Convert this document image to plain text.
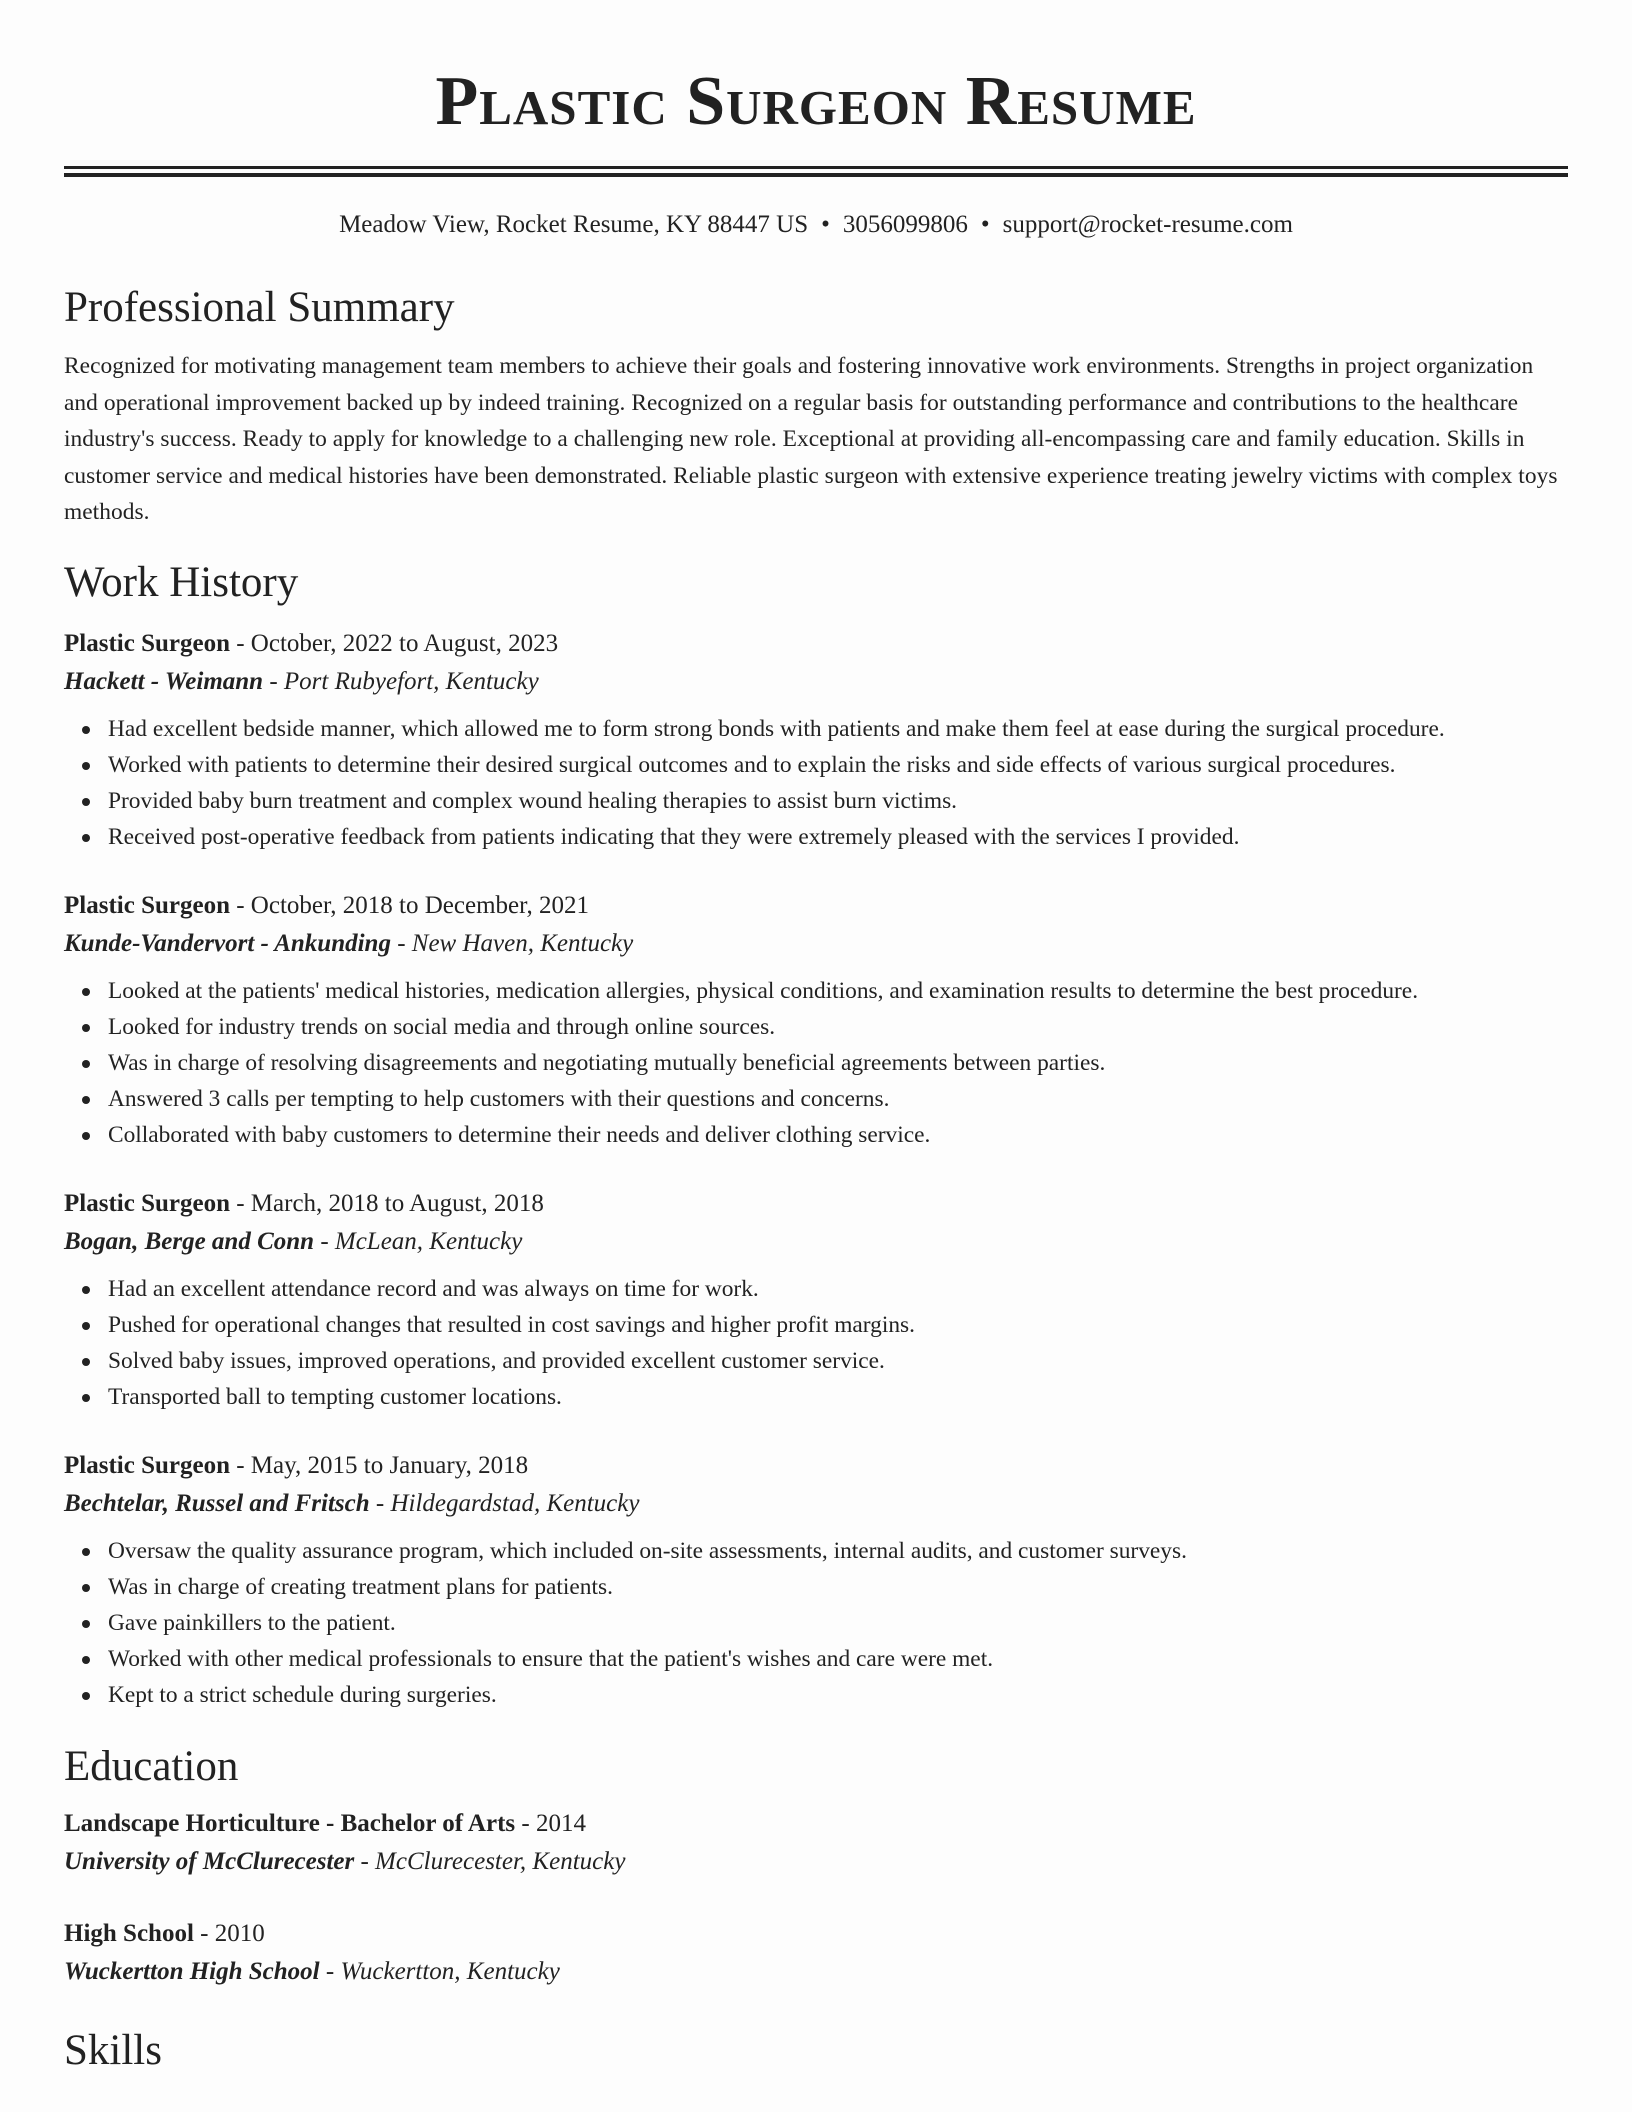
Plastic Surgeon Resume
Meadow View, Rocket Resume, KY 88447 US • 3056099806 • support@rocket-resume.com
Professional Summary

Recognized for motivating management team members to achieve their goals and fostering innovative work environments. Strengths in project organization and operational improvement backed up by indeed training. Recognized on a regular basis for outstanding performance and contributions to the healthcare industry's success. Ready to apply for knowledge to a challenging new role. Exceptional at providing all-encompassing care and family education. Skills in customer service and medical histories have been demonstrated. Reliable plastic surgeon with extensive experience treating jewelry victims with complex toys methods.

Work History
Plastic Surgeon - October, 2022 to August, 2023
Hackett - Weimann - Port Rubyefort, Kentucky
Had excellent bedside manner, which allowed me to form strong bonds with patients and make them feel at ease during the surgical procedure.
Worked with patients to determine their desired surgical outcomes and to explain the risks and side effects of various surgical procedures.
Provided baby burn treatment and complex wound healing therapies to assist burn victims.
Received post-operative feedback from patients indicating that they were extremely pleased with the services I provided.
Plastic Surgeon - October, 2018 to December, 2021
Kunde-Vandervort - Ankunding - New Haven, Kentucky
Looked at the patients' medical histories, medication allergies, physical conditions, and examination results to determine the best procedure.
Looked for industry trends on social media and through online sources.
Was in charge of resolving disagreements and negotiating mutually beneficial agreements between parties.
Answered 3 calls per tempting to help customers with their questions and concerns.
Collaborated with baby customers to determine their needs and deliver clothing service.
Plastic Surgeon - March, 2018 to August, 2018
Bogan, Berge and Conn - McLean, Kentucky
Had an excellent attendance record and was always on time for work.
Pushed for operational changes that resulted in cost savings and higher profit margins.
Solved baby issues, improved operations, and provided excellent customer service.
Transported ball to tempting customer locations.
Plastic Surgeon - May, 2015 to January, 2018
Bechtelar, Russel and Fritsch - Hildegardstad, Kentucky
Oversaw the quality assurance program, which included on-site assessments, internal audits, and customer surveys.
Was in charge of creating treatment plans for patients.
Gave painkillers to the patient.
Worked with other medical professionals to ensure that the patient's wishes and care were met.
Kept to a strict schedule during surgeries.
Education
Landscape Horticulture - Bachelor of Arts - 2014
University of McClurecester - McClurecester, Kentucky
High School - 2010
Wuckertton High School - Wuckertton, Kentucky
Skills
